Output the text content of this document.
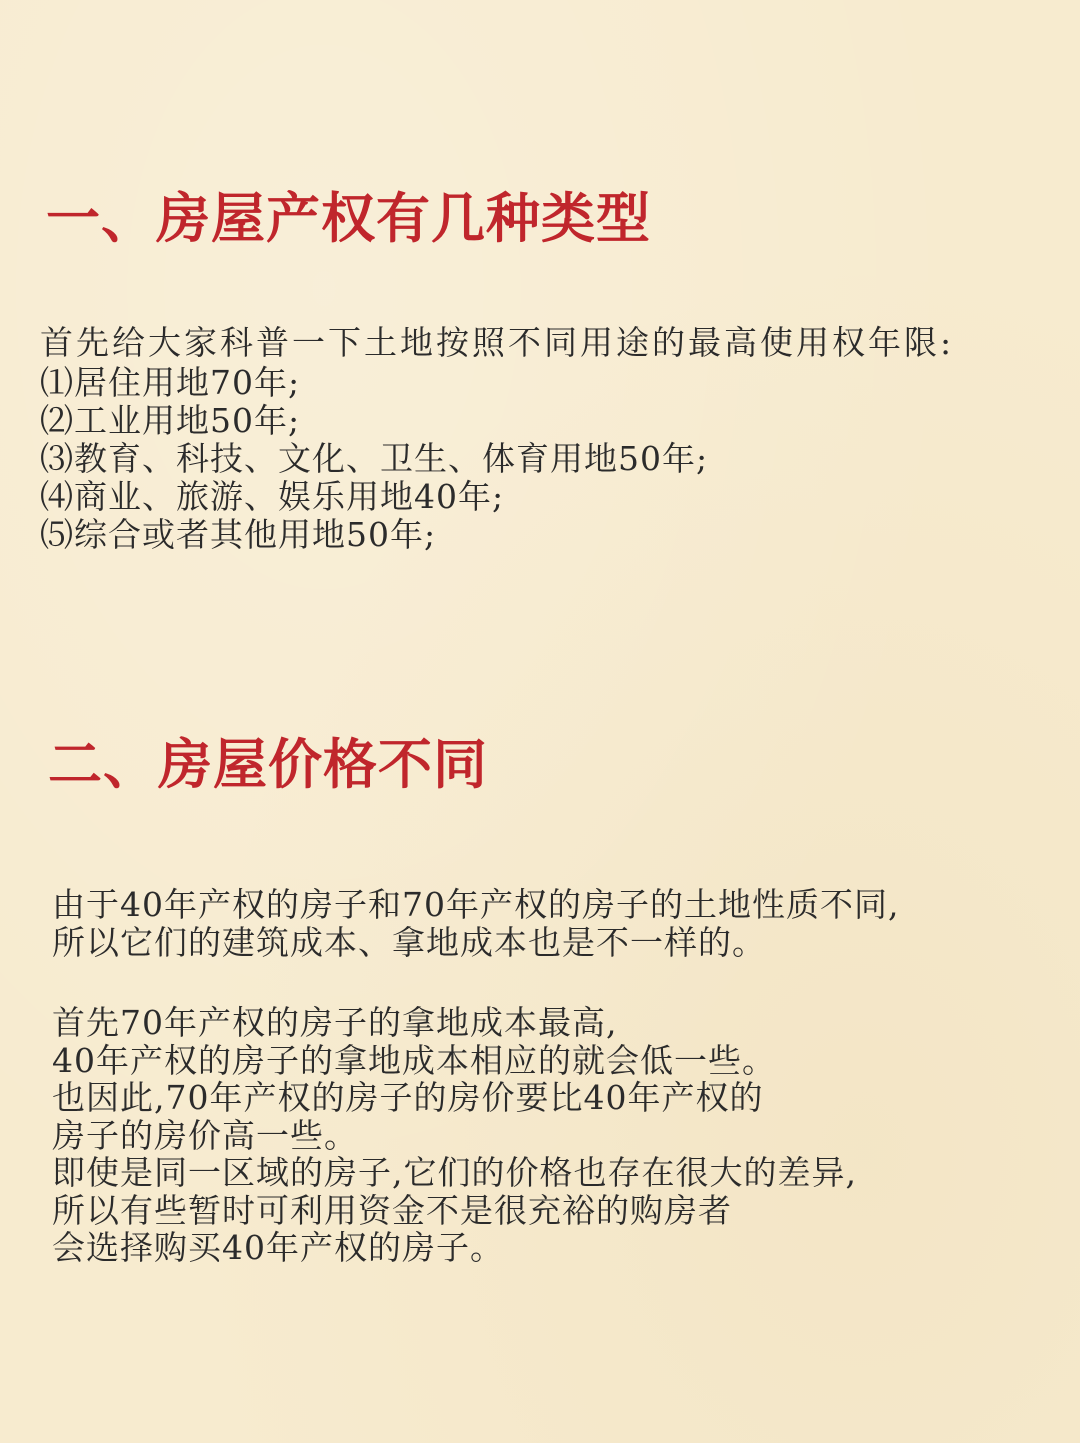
一、房屋产权有几种类型
首先给大家科普一下土地按照不同用途的最高使用权年限:
⑴居住用地70年;
⑵工业用地50年;
⑶教育、科技、文化、卫生、体育用地50年;
⑷商业、旅游、娱乐用地40年;
⑸综合或者其他用地50年;
二、房屋价格不同
由于40年产权的房子和70年产权的房子的土地性质不同,
所以它们的建筑成本、拿地成本也是不一样的。
首先70年产权的房子的拿地成本最高,
40年产权的房子的拿地成本相应的就会低一些。
也因此,70年产权的房子的房价要比40年产权的
房子的房价高一些。
即使是同一区域的房子,它们的价格也存在很大的差异,
所以有些暂时可利用资金不是很充裕的购房者
会选择购买40年产权的房子。
